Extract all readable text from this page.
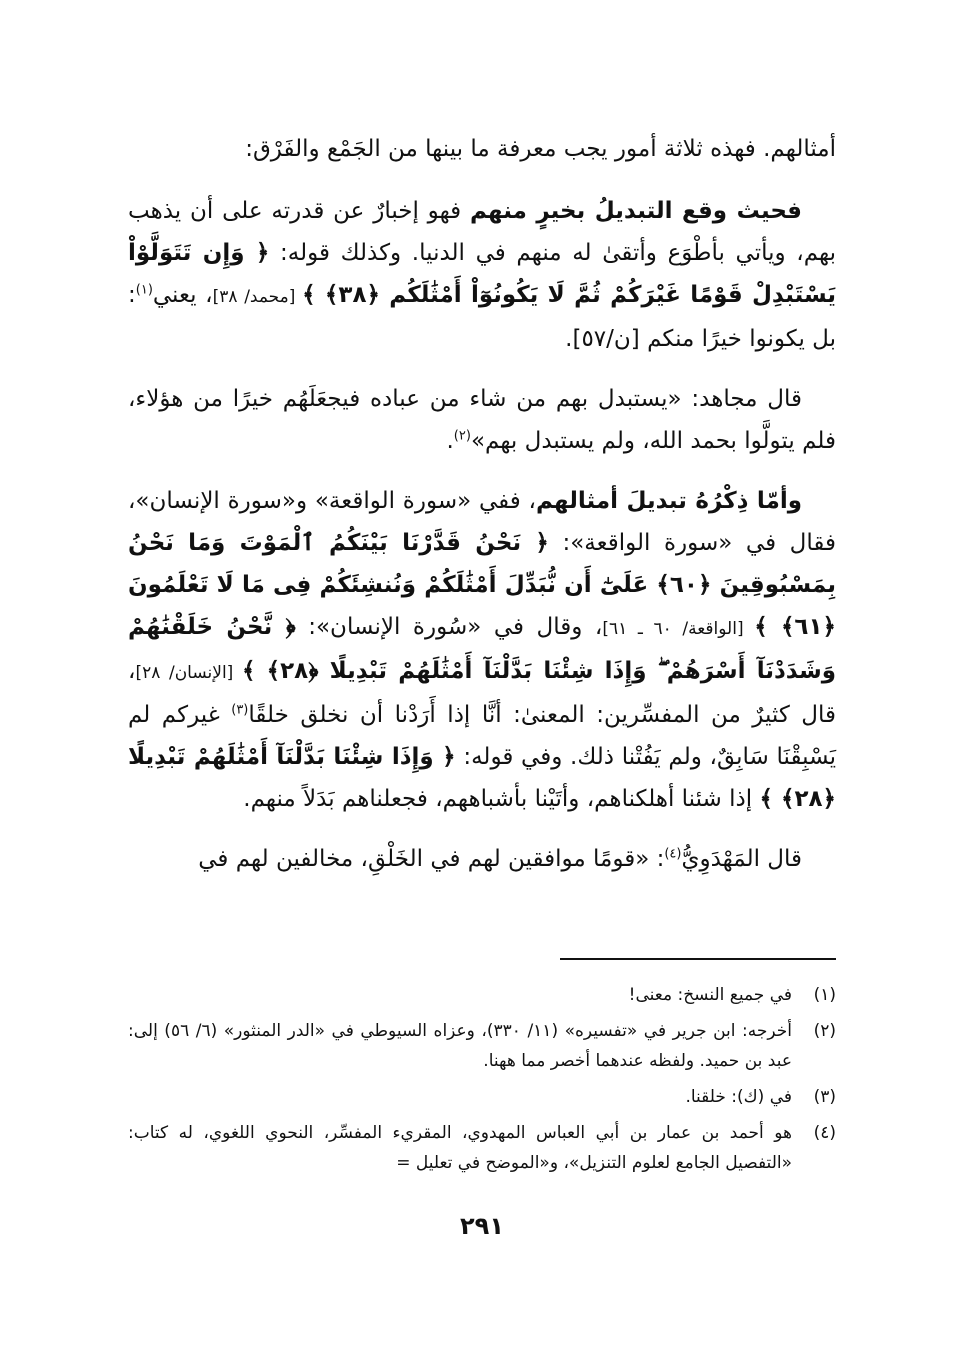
أمثالهم. فهذه ثلاثة أمور يجب معرفة ما بينها من الجَمْع والفَرْق:

فحيث وقع التبديلُ بخيرٍ منهم فهو إخبارٌ عن قدرته على أن يذهب بهم، ويأتي بأطْوَع وأتقىٰ له منهم في الدنيا. وكذلك قوله: ﴿ وَإِن تَتَوَلَّوْاْ يَسْتَبْدِلْ قَوْمًا غَيْرَكُمْ ثُمَّ لَا يَكُونُوٓاْ أَمْثَٰلَكُم ﴿٣٨﴾ ﴾ [محمد/ ٣٨]، يعني$^{(١)}$: بل يكونوا خيرًا منكم [ن/٥٧].

قال مجاهد: «يستبدل بهم من شاء من عباده فيجعَلَهُم خيرًا من هؤلاء، فلم يتولَّوا بحمد الله، ولم يستبدل بهم»$^{(٢)}$.

وأمّا ذِكْرُهُ تبديلَ أمثالهم، ففي «سورة الواقعة» و«سورة الإنسان»، فقال في «سورة الواقعة»: ﴿ نَحْنُ قَدَّرْنَا بَيْنَكُمُ ٱلْمَوْتَ وَمَا نَحْنُ بِمَسْبُوقِينَ ﴿٦٠﴾ عَلَىٰٓ أَن نُّبَدِّلَ أَمْثَٰلَكُمْ وَنُنشِئَكُمْ فِى مَا لَا تَعْلَمُونَ ﴿٦١﴾ ﴾ [الواقعة/ ٦٠ ـ ٦١]، وقال في «سُورة الإنسان»: ﴿ نَّحْنُ خَلَقْنَٰهُمْ وَشَدَدْنَآ أَسْرَهُمْ ۖ وَإِذَا شِئْنَا بَدَّلْنَآ أَمْثَٰلَهُمْ تَبْدِيلًا ﴿٢٨﴾ ﴾ [الإنسان/ ٢٨]، قال كثيرٌ من المفسِّرين: المعنىٰ: أنَّا إذا أَرَدْنا أن نخلق خلقًا$^{(٣)}$ غيركم لم يَسْبِقْنَا سَابِقٌ، ولم يَفُتْنا ذلك. وفي قوله: ﴿ وَإِذَا شِئْنَا بَدَّلْنَآ أَمْثَٰلَهُمْ تَبْدِيلًا ﴿٢٨﴾ ﴾ إذا شئنا أهلكناهم، وأتَيْنا بأشباههم، فجعلناهم بَدَلاً منهم.

قال المَهْدَوِيُّ$^{(٤)}$: «قومًا موافقين لهم في الخَلْقِ، مخالفين لهم في

(١)
في جميع النسخ: معنى!
(٢)
أخرجه: ابن جرير في «تفسيره» (١١/ ٣٣٠)، وعزاه السيوطي في «الدر المنثور» (٦/ ٥٦) إلى: عبد بن حميد. ولفظه عندهما أخصر مما ههنا.
(٣)
في (ك): خلقنا.
(٤)
هو أحمد بن عمار بن أبي العباس المهدوي، المقريء المفسِّر، النحوي اللغوي، له كتاب: «التفصيل الجامع لعلوم التنزيل»، و«الموضح في تعليل =
٢٩١
